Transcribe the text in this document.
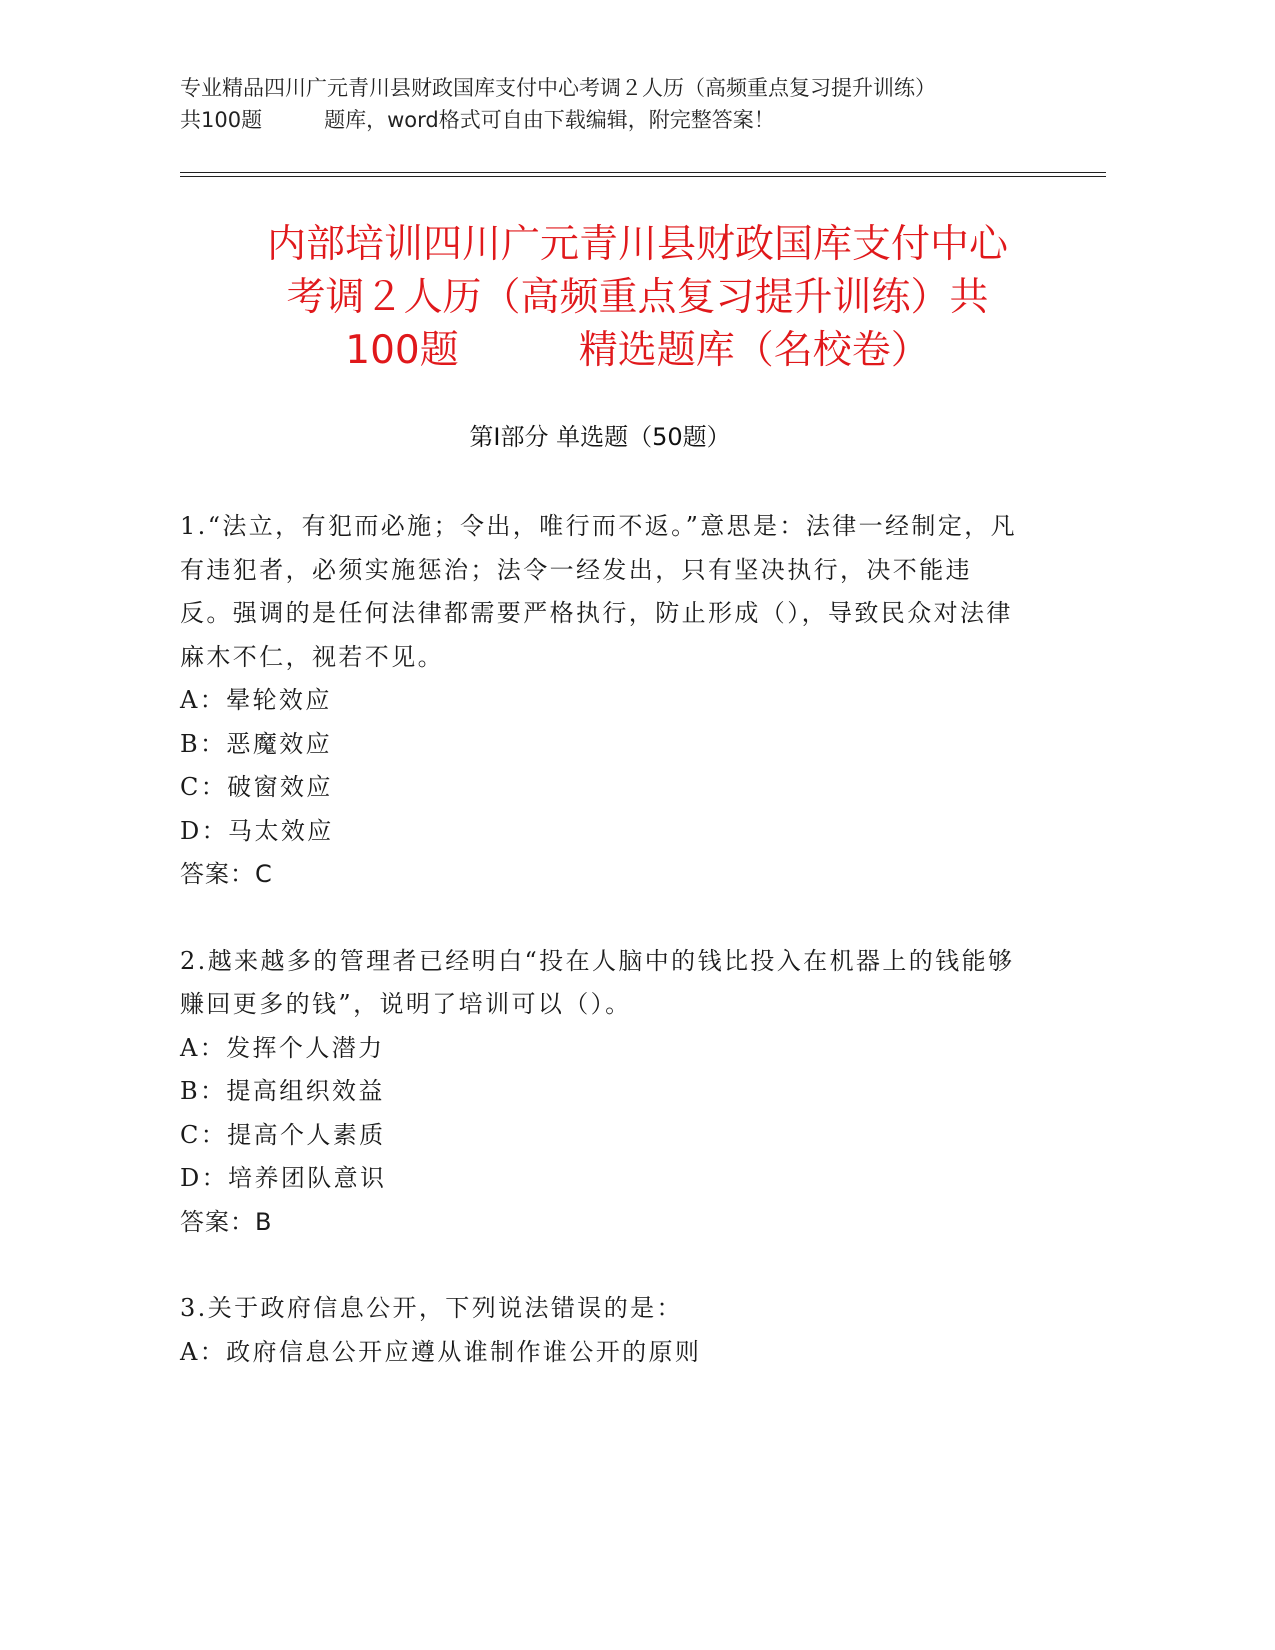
专业精品四川广元青川县财政国库支付中心考调２人历（高频重点复习提升训练）
共100题	题库，word格式可自由下载编辑，附完整答案！
内部培训四川广元青川县财政国库支付中心
考调２人历（高频重点复习提升训练）共
100题	精选题库（名校卷）
第Ⅰ部分 单选题（50题）

1.“法立，有犯而必施；令出，唯行而不返。”意思是：法律一经制定，凡有违犯者，必须实施惩治；法令一经发出，只有坚决执行，决不能违反。强调的是任何法律都需要严格执行，防止形成（），导致民众对法律麻木不仁，视若不见。

A：晕轮效应

B：恶魔效应

C：破窗效应

D：马太效应

答案：C

2.越来越多的管理者已经明白“投在人脑中的钱比投入在机器上的钱能够赚回更多的钱”，说明了培训可以（）。

A：发挥个人潜力

B：提高组织效益

C：提高个人素质

D：培养团队意识

答案：B

3.关于政府信息公开，下列说法错误的是：

A：政府信息公开应遵从谁制作谁公开的原则
